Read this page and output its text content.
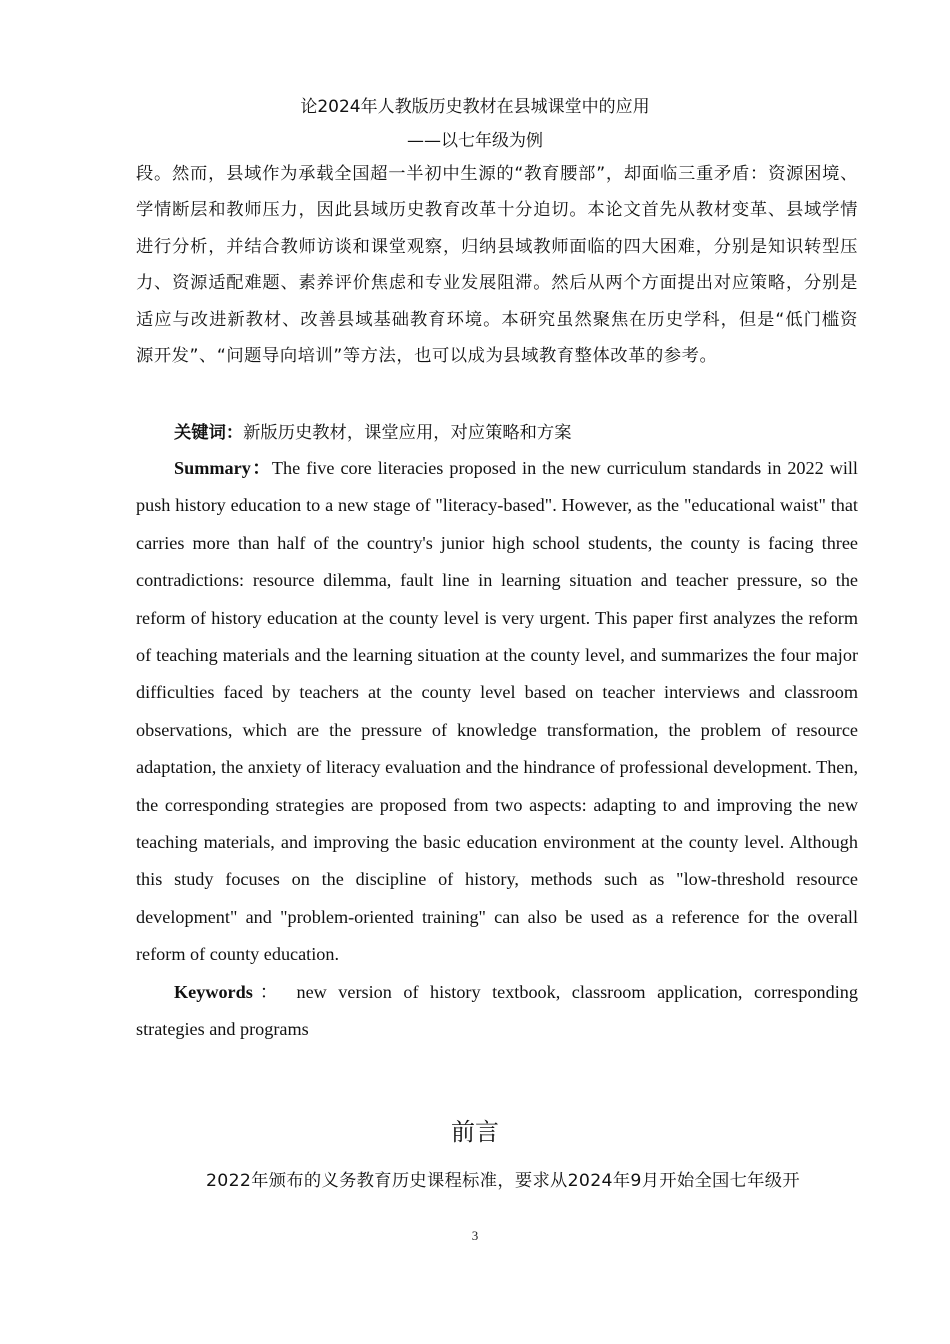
论2024年人教版历史教材在县城课堂中的应用
——以七年级为例
段。然而，县域作为承载全国超一半初中生源的“教育腰部”，却面临三重矛盾：资源困境、学情断层和教师压力，因此县域历史教育改革十分迫切。本论文首先从教材变革、县域学情进行分析，并结合教师访谈和课堂观察，归纳县域教师面临的四大困难，分别是知识转型压力、资源适配难题、素养评价焦虑和专业发展阻滞。然后从两个方面提出对应策略，分别是适应与改进新教材、改善县域基础教育环境。本研究虽然聚焦在历史学科，但是“低门槛资源开发”、“问题导向培训”等方法，也可以成为县域教育整体改革的参考。
关键词：新版历史教材，课堂应用，对应策略和方案

Summary：The five core literacies proposed in the new curriculum standards in 2022 will push history education to a new stage of "literacy-based". However, as the "educational waist" that carries more than half of the country's junior high school students, the county is facing three contradictions: resource dilemma, fault line in learning situation and teacher pressure, so the reform of history education at the county level is very urgent. This paper first analyzes the reform of teaching materials and the learning situation at the county level, and summarizes the four major difficulties faced by teachers at the county level based on teacher interviews and classroom observations, which are the pressure of knowledge transformation, the problem of resource adaptation, the anxiety of literacy evaluation and the hindrance of professional development. Then, the corresponding strategies are proposed from two aspects: adapting to and improving the new teaching materials, and improving the basic education environment at the county level. Although this study focuses on the discipline of history, methods such as "low-threshold resource development" and "problem-oriented training" can also be used as a reference for the overall reform of county education.

Keywords： new version of history textbook, classroom application, corresponding strategies and programs

前言
2022年颁布的义务教育历史课程标准，要求从2024年9月开始全国七年级开
3
